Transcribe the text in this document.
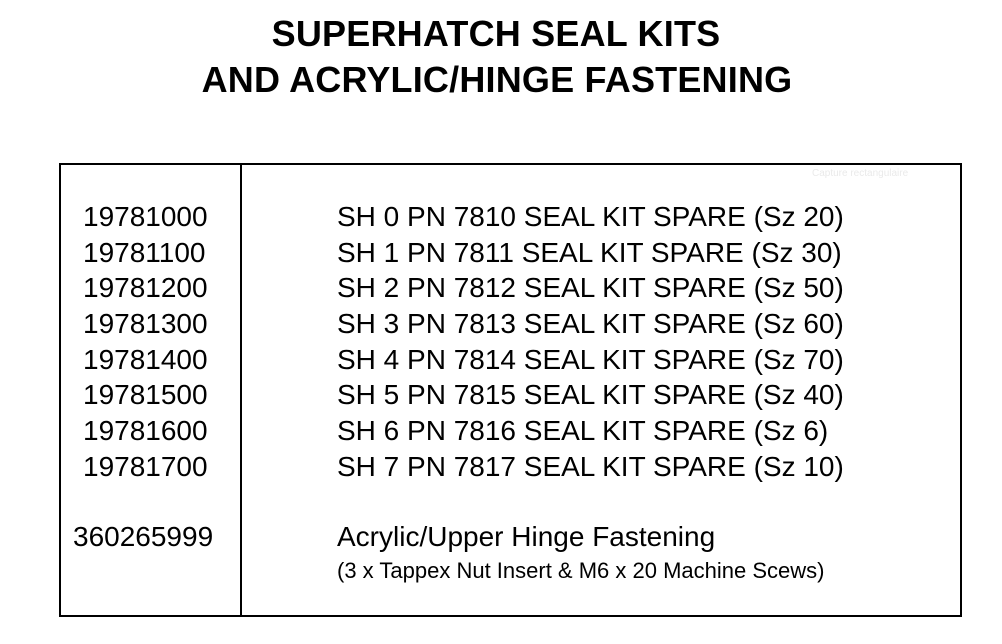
SUPERHATCH SEAL KITS
AND ACRYLIC/HINGE FASTENING
Capture rectangulaire
19781000	SH 0 PN 7810 SEAL KIT SPARE (Sz 20)
19781100	SH 1 PN 7811 SEAL KIT SPARE (Sz 30)
19781200	SH 2 PN 7812 SEAL KIT SPARE (Sz 50)
19781300	SH 3 PN 7813 SEAL KIT SPARE (Sz 60)
19781400	SH 4 PN 7814 SEAL KIT SPARE (Sz 70)
19781500	SH 5 PN 7815 SEAL KIT SPARE (Sz 40)
19781600	SH 6 PN 7816 SEAL KIT SPARE (Sz 6)
19781700	SH 7 PN 7817 SEAL KIT SPARE (Sz 10)
360265999	Acrylic/Upper Hinge Fastening
(3 x Tappex Nut Insert & M6 x 20 Machine Scews)
